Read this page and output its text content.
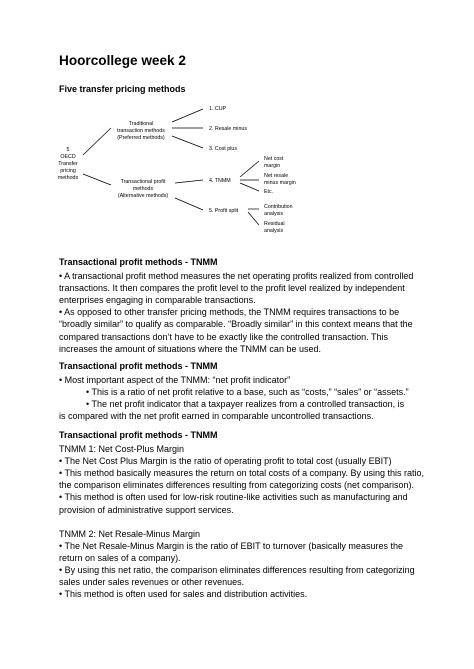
Hoorcollege week 2
Five transfer pricing methods
5
OECD
Transfer
pricing
methods
Traditional
transaction methods
(Preferred methods)
Transactional profit
methods
(Alternative methods)
1. CUP
2. Resale minus
3. Cost plus
4. TNMM
5. Profit split
Net cost
margin
Net resale
minus margin
Etc.
Contribution
analysis
Residual
analysis
Transactional profit methods - TNMM
• A transactional profit method measures the net operating profits realized from controlled
transactions. It then compares the profit level to the profit level realized by independent
enterprises engaging in comparable transactions.
• As opposed to other transfer pricing methods, the TNMM requires transactions to be
“broadly similar” to qualify as comparable. “Broadly similar” in this context means that the
compared transactions don’t have to be exactly like the controlled transaction. This
increases the amount of situations where the TNMM can be used.
Transactional profit methods - TNMM
• Most important aspect of the TNMM: “net profit indicator”
• This is a ratio of net profit relative to a base, such as “costs,” “sales” or “assets.”
• The net profit indicator that a taxpayer realizes from a controlled transaction, is
is compared with the net profit earned in comparable uncontrolled transactions.
Transactional profit methods - TNMM
TNMM 1: Net Cost-Plus Margin
• The Net Cost Plus Margin is the ratio of operating profit to total cost (usually EBIT)
• This method basically measures the return on total costs of a company. By using this ratio,
the comparison eliminates differences resulting from categorizing costs (net comparison).
• This method is often used for low-risk routine-like activities such as manufacturing and
provision of administrative support services.
TNMM 2: Net Resale-Minus Margin
• The Net Resale-Minus Margin is the ratio of EBIT to turnover (basically measures the
return on sales of a company).
• By using this net ratio, the comparison eliminates differences resulting from categorizing
sales under sales revenues or other revenues.
• This method is often used for sales and distribution activities.
